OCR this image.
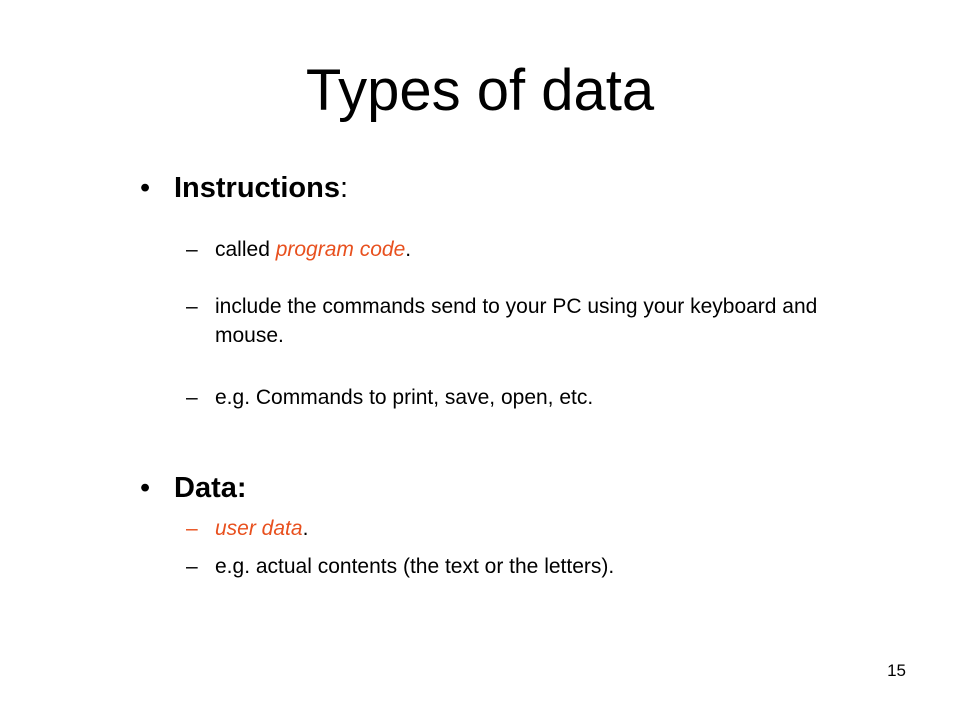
Types of data
• Instructions:
– called program code.
– include the commands send to your PC using your keyboard and mouse.
– e.g. Commands to print, save, open, etc.
• Data:
– user data.
– e.g. actual contents (the text or the letters).
15
